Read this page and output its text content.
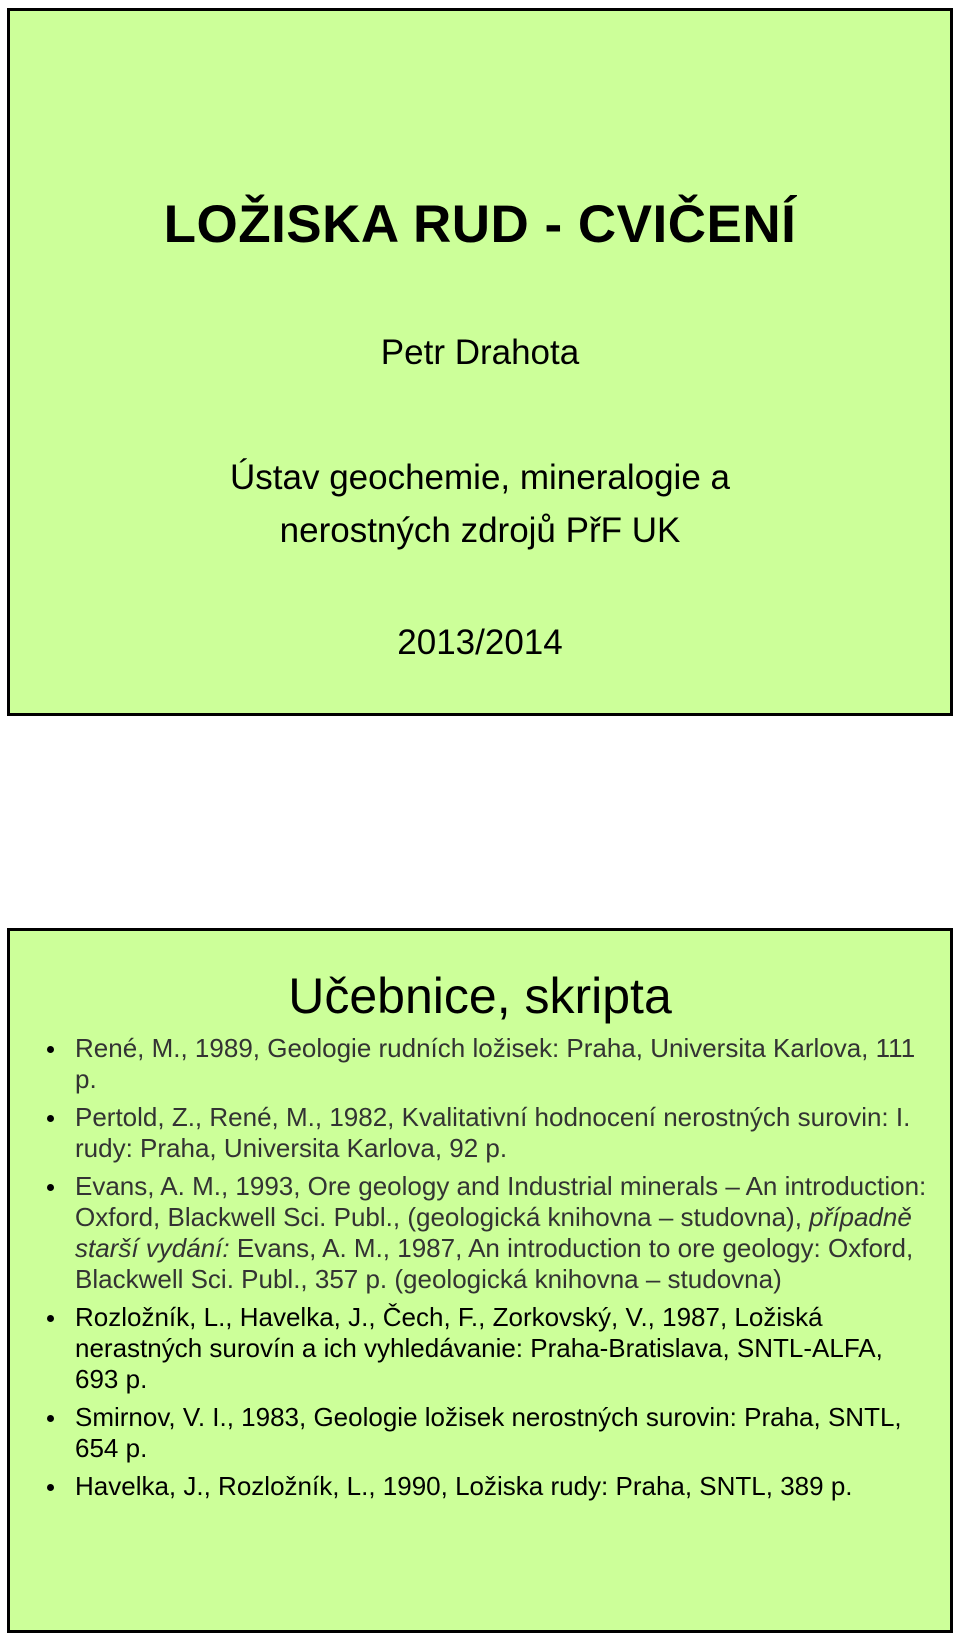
LOŽISKA RUD - CVIČENÍ
Petr Drahota
Ústav geochemie, mineralogie a
nerostných zdrojů PřF UK
2013/2014
Učebnice, skripta
René, M., 1989, Geologie rudních ložisek: Praha, Universita Karlova, 111 p.
Pertold, Z., René, M., 1982, Kvalitativní hodnocení nerostných surovin: I. rudy: Praha, Universita Karlova, 92 p.
Evans, A. M., 1993, Ore geology and Industrial minerals – An introduction: Oxford, Blackwell Sci. Publ., (geologická knihovna – studovna), případně starší vydání: Evans, A. M., 1987, An introduction to ore geology: Oxford, Blackwell Sci. Publ., 357 p. (geologická knihovna – studovna)
Rozložník, L., Havelka, J., Čech, F., Zorkovský, V., 1987, Ložiská nerastných surovín a ich vyhledávanie: Praha-Bratislava, SNTL-ALFA, 693 p.
Smirnov, V. I., 1983, Geologie ložisek nerostných surovin: Praha, SNTL, 654 p.
Havelka, J., Rozložník, L., 1990, Ložiska rudy: Praha, SNTL, 389 p.
